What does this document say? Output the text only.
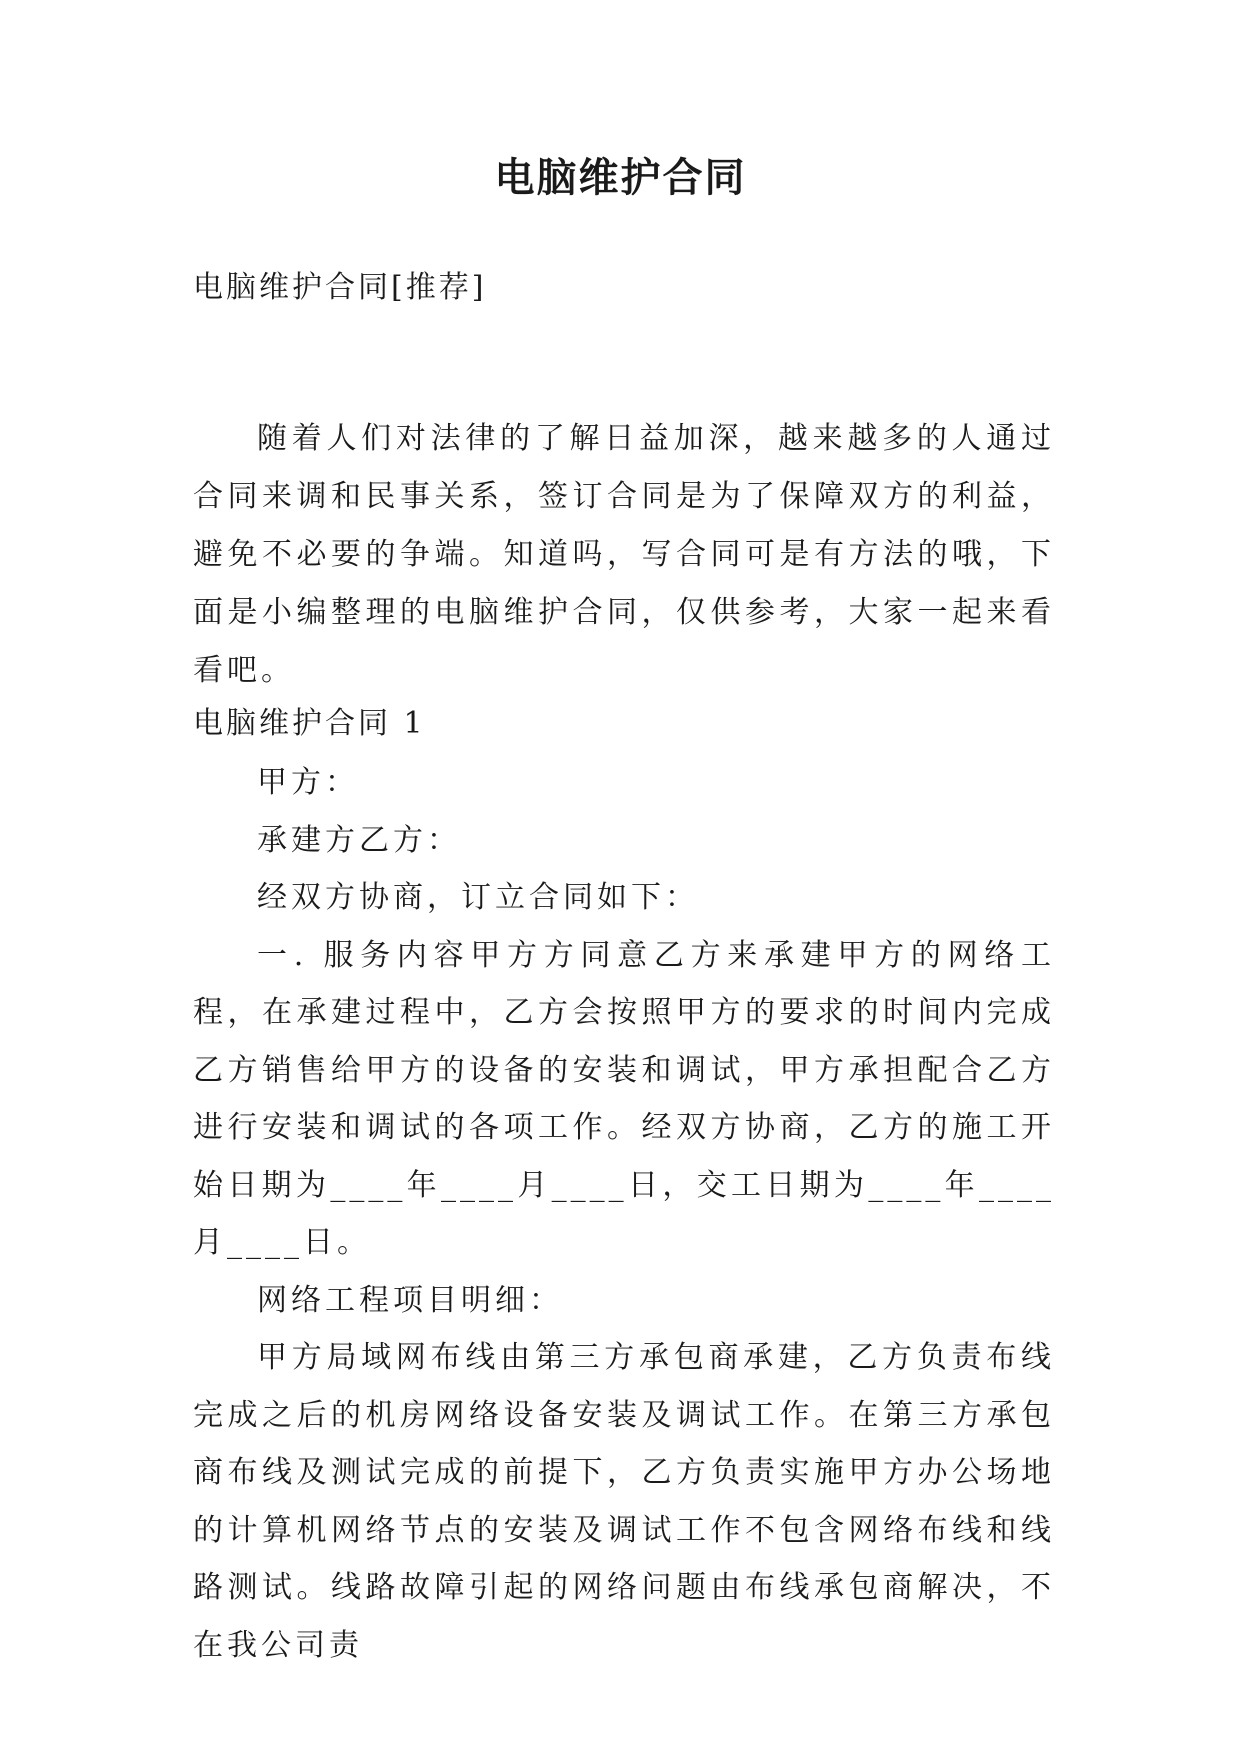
电脑维护合同

电脑维护合同[推荐]

随着人们对法律的了解日益加深，越来越多的人通过合同来调和民事关系，签订合同是为了保障双方的利益，避免不必要的争端。知道吗，写合同可是有方法的哦，下面是小编整理的电脑维护合同，仅供参考，大家一起来看看吧。

电脑维护合同 1

甲方：

承建方乙方：

经双方协商，订立合同如下：

一. 服务内容甲方方同意乙方来承建甲方的网络工程，在承建过程中，乙方会按照甲方的要求的时间内完成乙方销售给甲方的设备的安装和调试，甲方承担配合乙方进行安装和调试的各项工作。经双方协商，乙方的施工开始日期为____年____月____日，交工日期为____年____月____日。

网络工程项目明细：

甲方局域网布线由第三方承包商承建，乙方负责布线完成之后的机房网络设备安装及调试工作。在第三方承包商布线及测试完成的前提下，乙方负责实施甲方办公场地的计算机网络节点的安装及调试工作不包含网络布线和线路测试。线路故障引起的网络问题由布线承包商解决，不在我公司责
